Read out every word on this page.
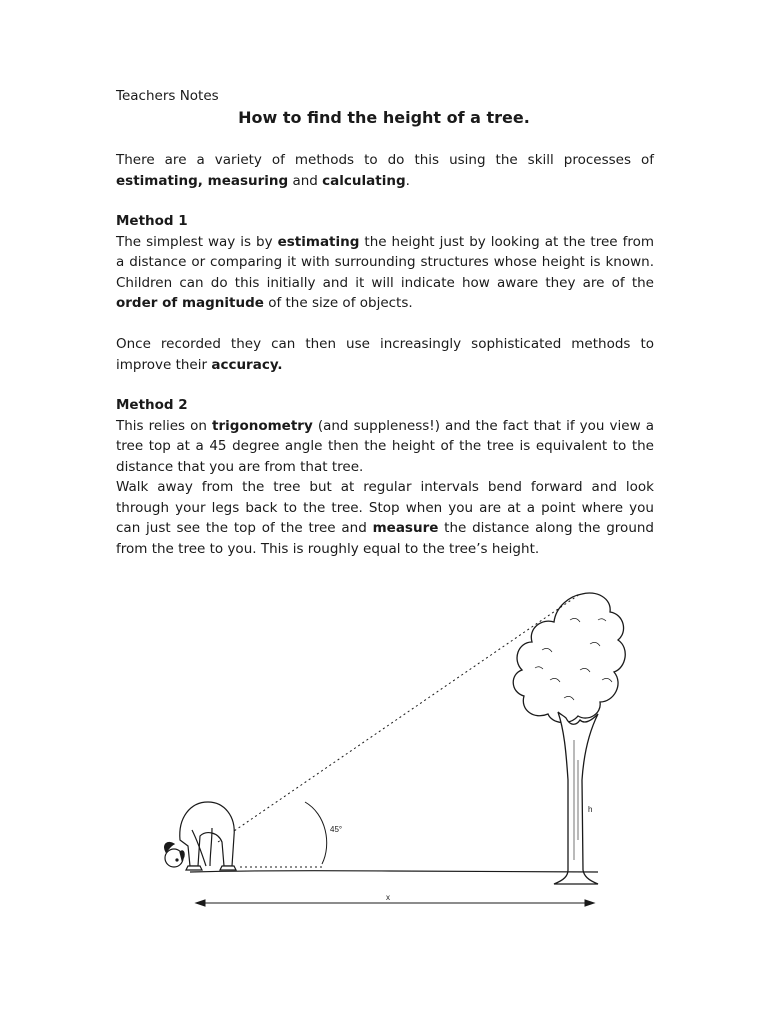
Teachers Notes

How to find the height of a tree.

There are a variety of methods to do this using the skill processes of estimating, measuring and calculating.

Method 1
The simplest way is by estimating the height just by looking at the tree from a distance or comparing it with surrounding structures whose height is known. Children can do this initially and it will indicate how aware they are of the order of magnitude of the size of objects.

Once recorded they can then use increasingly sophisticated methods to improve their accuracy.

Method 2
This relies on trigonometry (and suppleness!) and the fact that if you view a tree top at a 45 degree angle then the height of the tree is equivalent to the distance that you are from that tree.
Walk away from the tree but at regular intervals bend forward and look through your legs back to the tree. Stop when you are at a point where you can just see the top of the tree and measure the distance along the ground from the tree to you. This is roughly equal to the tree’s height.

45°
h
x
